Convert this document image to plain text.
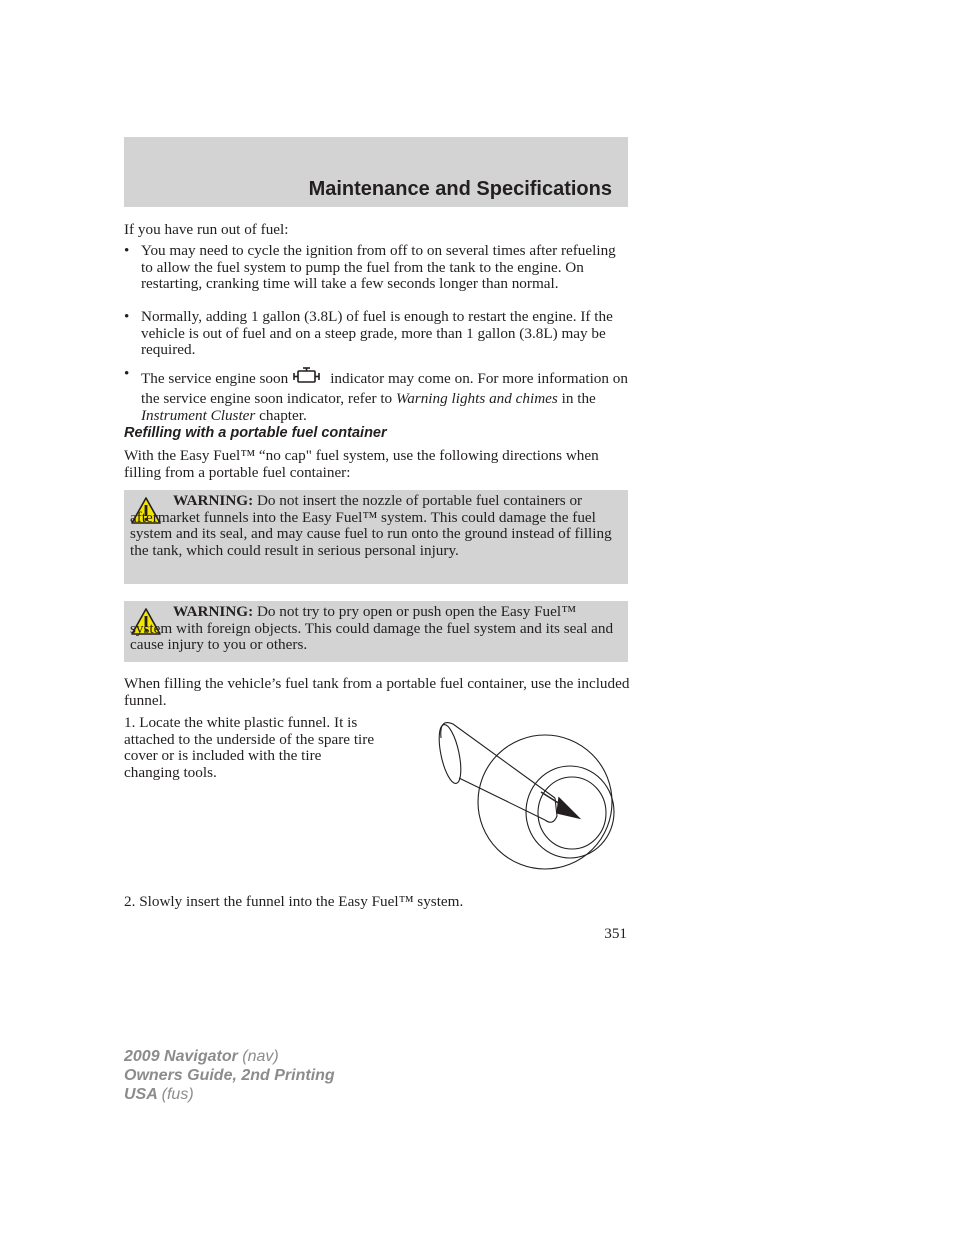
Maintenance and Specifications
If you have run out of fuel:
• You may need to cycle the ignition from off to on several times after refueling to allow the fuel system to pump the fuel from the tank to the engine. On restarting, cranking time will take a few seconds longer than normal.
• Normally, adding 1 gallon (3.8L) of fuel is enough to restart the engine. If the vehicle is out of fuel and on a steep grade, more than 1 gallon (3.8L) may be required.
• The service engine soon	indicator may come on. For more information on the service engine soon indicator, refer to Warning lights and chimes in the Instrument Cluster chapter.
Refilling with a portable fuel container
With the Easy Fuel™ “no cap" fuel system, use the following directions when filling from a portable fuel container:
WARNING: Do not insert the nozzle of portable fuel containers or aftermarket funnels into the Easy Fuel™ system. This could damage the fuel system and its seal, and may cause fuel to run onto the ground instead of filling the tank, which could result in serious personal injury.
WARNING: Do not try to pry open or push open the Easy Fuel™ system with foreign objects. This could damage the fuel system and its seal and cause injury to you or others.
When filling the vehicle’s fuel tank from a portable fuel container, use the included funnel.
1. Locate the white plastic funnel. It is attached to the underside of the spare tire cover or is included with the tire changing tools.
2. Slowly insert the funnel into the Easy Fuel™ system.
351
2009 Navigator (nav)
Owners Guide, 2nd Printing
USA (fus)
